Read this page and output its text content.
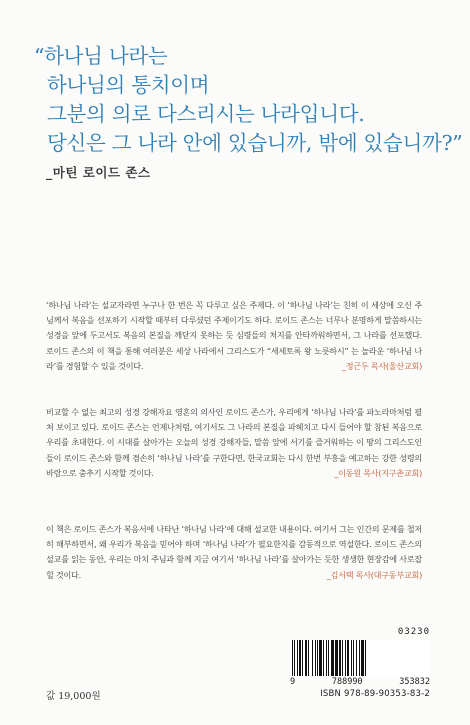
“하나님 나라는
하나님의 통치이며
그분의 의로 다스리시는 나라입니다.
당신은 그 나라 안에 있습니까, 밖에 있습니까?”
_마틴 로이드 존스

‘하나님 나라’는 설교자라면 누구나 한 번은 꼭 다루고 싶은 주제다. 이 ‘하나님 나라’는 친히 이 세상에 오신 주님께서 복음을 선포하기 시작할 때부터 다루셨던 주제이기도 하다. 로이드 존스는 너무나 분명하게 말씀하시는 성경을 앞에 두고서도 복음의 본질을 깨닫지 못하는 듯 심령들의 처지를 안타까워하면서, 그 나라를 선포했다. 로이드 존스의 이 책을 통해 여러분은 세상 나라에서 그리스도가 “세세토록 왕 노릇하시” 는 놀라운 ‘하나님 나라’를 경험할 수 있을 것이다.	_정근두 목사(울산교회)

비교할 수 없는 최고의 성경 강해자요 영혼의 의사인 로이드 존스가, 우리에게 ‘하나님 나라’를 파노라마처럼 펼쳐 보이고 있다. 로이드 존스는 언제나처럼, 여기서도 그 나라의 본질을 파헤치고 다시 들어야 할 참된 복음으로 우리를 초대한다. 이 시대를 살아가는 오늘의 성경 강해자들, 말씀 앞에 서기를 즐거워하는 이 땅의 그리스도인들이 로이드 존스와 함께 겸손히 ‘하나님 나라’를 구한다면, 한국교회는 다시 한번 부흥을 예고하는 강한 성령의 바람으로 춤추기 시작할 것이다.	_이동원 목사(지구촌교회)

이 책은 로이드 존스가 복음서에 나타난 ‘하나님 나라’에 대해 설교한 내용이다. 여기서 그는 인간의 문제를 철저히 해부하면서, 왜 우리가 복음을 믿어야 하며 ‘하나님 나라’가 필요한지를 감동적으로 역설한다. 로이드 존스의 설교를 읽는 동안, 우리는 마치 주님과 함께 지금 여기서 ‘하나님 나라’를 살아가는 듯한 생생한 현장감에 사로잡힐 것이다.	_김서택 목사(대구동부교회)
값 19,000원
03230
9	788990	353832
ISBN 978-89-90353-83-2
